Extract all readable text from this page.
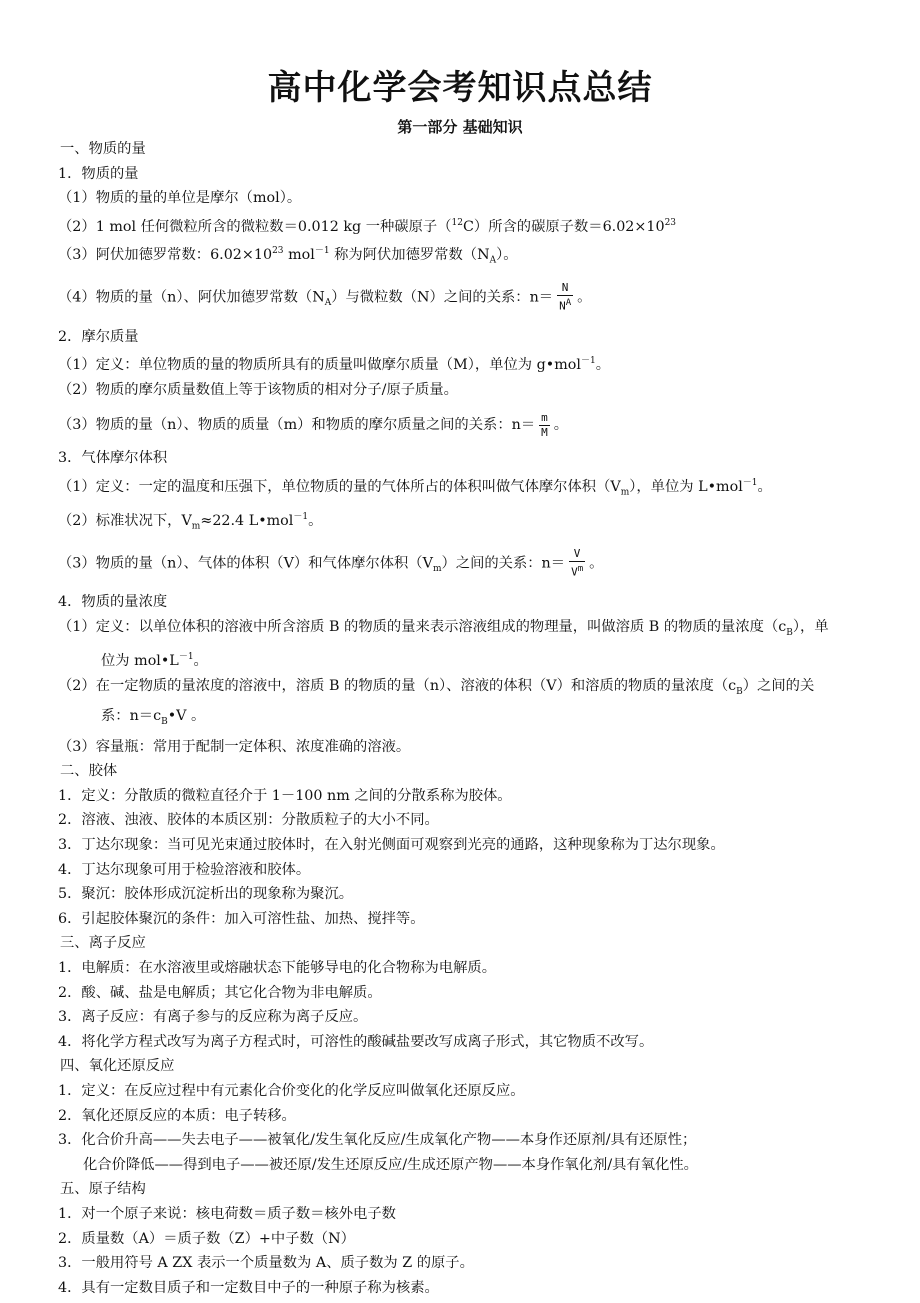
高中化学会考知识点总结
第一部分 基础知识
一、物质的量
1．物质的量
（1）物质的量的单位是摩尔（mol）。
（2）1 mol 任何微粒所含的微粒数＝0.012 kg 一种碳原子（$^{12}$C）所含的碳原子数$=6.02\times 10^{23}$
（3）阿伏加德罗常数：$6.02\times 10^{23}$ mol$^{-1}$ 称为阿伏加德罗常数$(N_A)$。
（4）物质的量（n）、阿伏加德罗常数$(N_A)$与微粒数（N）之间的关系：$n= \frac{N}{N^A}$ 。
2．摩尔质量
（1）定义：单位物质的量的物质所具有的质量叫做摩尔质量（M），单位为 g•mol$^{-1}$。
（2）物质的摩尔质量数值上等于该物质的相对分子/原子质量。
（3）物质的量（n）、物质的质量（m）和物质的摩尔质量之间的关系：$n= \frac{m}{M}$ 。
3．气体摩尔体积
（1）定义：一定的温度和压强下，单位物质的量的气体所占的体积叫做气体摩尔体积$(V_m)$，单位为 L•mol$^{-1}$。
（2）标准状况下，$V_m\approx 22.4$ L•mol$^{-1}$。
（3）物质的量（n）、气体的体积（V）和气体摩尔体积$(V_m)$之间的关系：$n= \frac{V}{V^m}$ 。
4．物质的量浓度
（1）定义：以单位体积的溶液中所含溶质 B 的物质的量来表示溶液组成的物理量，叫做溶质 B 的物质的量浓度$(c_B)$，单位为 $mol•L^{-1}$。
（2）在一定物质的量浓度的溶液中，溶质 B 的物质的量（n）、溶液的体积（V）和溶质的物质的量浓度$(c_B)$之间的关系：$n=c_B•V$ 。
（3）容量瓶：常用于配制一定体积、浓度准确的溶液。
二、胶体
1．定义：分散质的微粒直径介于 1－100 nm 之间的分散系称为胶体。
2．溶液、浊液、胶体的本质区别：分散质粒子的大小不同。
3．丁达尔现象：当可见光束通过胶体时，在入射光侧面可观察到光亮的通路，这种现象称为丁达尔现象。
4．丁达尔现象可用于检验溶液和胶体。
5．聚沉：胶体形成沉淀析出的现象称为聚沉。
6．引起胶体聚沉的条件：加入可溶性盐、加热、搅拌等。
三、离子反应
1．电解质：在水溶液里或熔融状态下能够导电的化合物称为电解质。
2．酸、碱、盐是电解质；其它化合物为非电解质。
3．离子反应：有离子参与的反应称为离子反应。
4．将化学方程式改写为离子方程式时，可溶性的酸碱盐要改写成离子形式，其它物质不改写。
四、氧化还原反应
1．定义：在反应过程中有元素化合价变化的化学反应叫做氧化还原反应。
2．氧化还原反应的本质：电子转移。
3．化合价升高——失去电子——被氧化/发生氧化反应/生成氧化产物——本身作还原剂/具有还原性；
化合价降低——得到电子——被还原/发生还原反应/生成还原产物——本身作氧化剂/具有氧化性。
五、原子结构
1．对一个原子来说：核电荷数＝质子数＝核外电子数
2．质量数（A）＝质子数（Z）+中子数（N）
3．一般用符号 A ZX 表示一个质量数为 A、质子数为 Z 的原子。
4．具有一定数目质子和一定数目中子的一种原子称为核素。
